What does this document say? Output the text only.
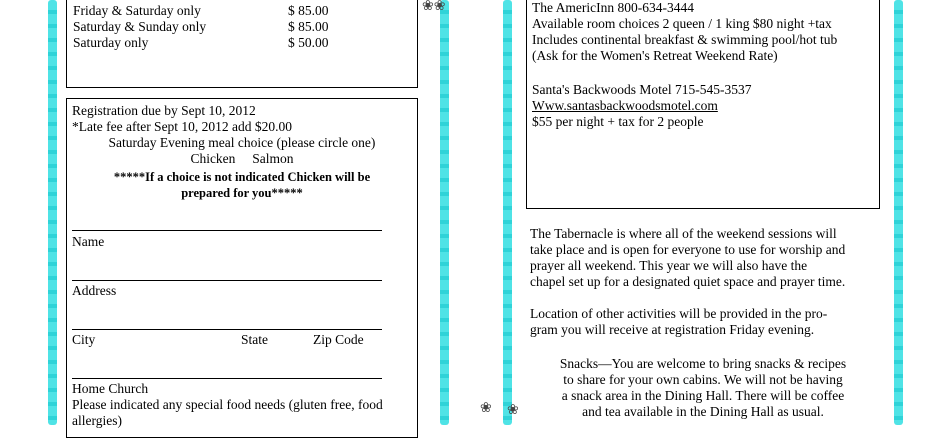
❀❀
❀ ❀
Friday & Saturday only	$ 85.00
Saturday & Sunday only	$ 85.00
Saturday only	$ 50.00
Registration due by Sept 10, 2012
*Late fee after Sept 10, 2012 add $20.00
Saturday Evening meal choice (please circle one)
Chicken     Salmon
*****If a choice is not indicated Chicken will be
prepared for you*****
Name
Address
City	State	Zip Code
Home Church
Please indicated any special food needs (gluten free, food
allergies)
The AmericInn 800-634-3444
Available room choices 2 queen / 1 king $80 night +tax
Includes continental breakfast & swimming pool/hot tub
(Ask for the Women's Retreat Weekend Rate)
Santa's Backwoods Motel 715-545-3537
Www.santasbackwoodsmotel.com
$55 per night + tax for 2 people
The Tabernacle is where all of the weekend sessions will
take place and is open for everyone to use for worship and
prayer all weekend. This year we will also have the
chapel set up for a designated quiet space and prayer time.
Location of other activities will be provided in the pro-
gram you will receive at registration Friday evening.
Snacks—You are welcome to bring snacks & recipes
to share for your own cabins. We will not be having
a snack area in the Dining Hall. There will be coffee
and tea available in the Dining Hall as usual.
